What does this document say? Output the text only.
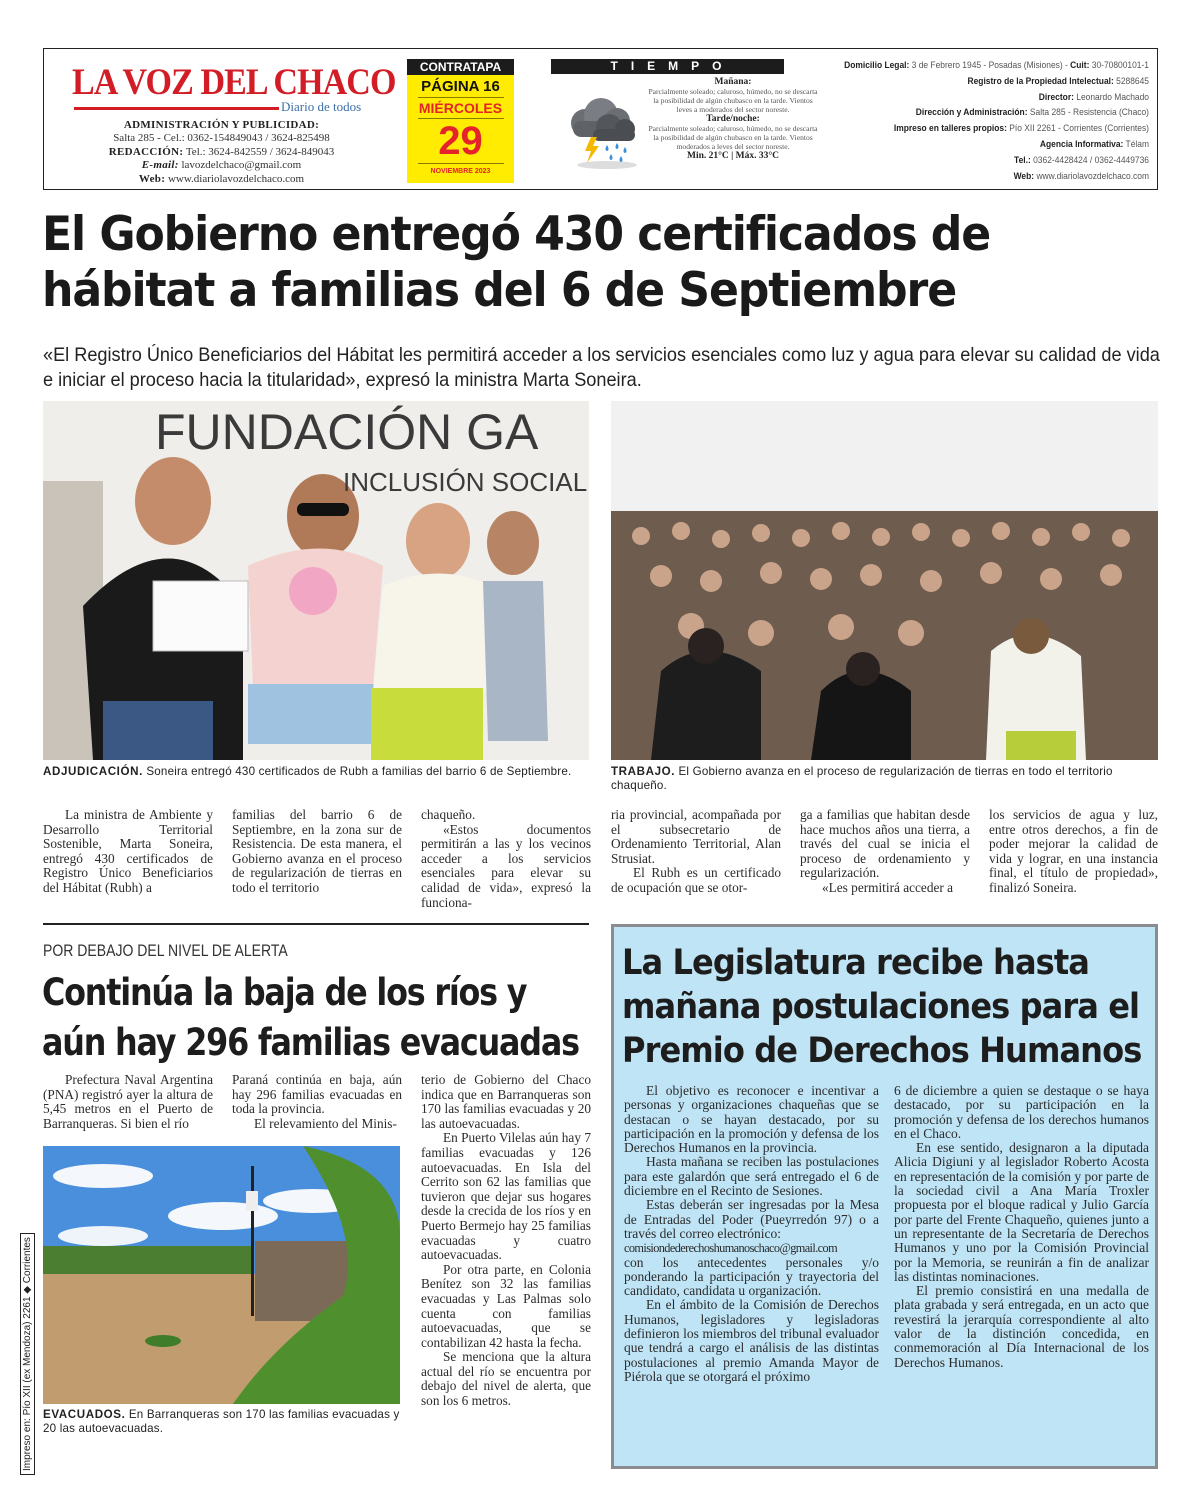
LA VOZ DEL CHACO
Diario de todos
ADMINISTRACIÓN Y PUBLICIDAD:
Salta 285 - Cel.: 0362-154849043 / 3624-825498
REDACCIÓN: Tel.: 3624-842559 / 3624-849043
E-mail: lavozdelchaco@gmail.com
Web: www.diariolavozdelchaco.com
CONTRATAPA
PÁGINA 16
MIÉRCOLES
29
NOVIEMBRE 2023
TIEMPO
Mañana:
Parcialmente soleado; caluroso, húmedo, no se descarta la posibilidad de algún chubasco en la tarde. Vientos leves a moderados del sector noreste.
Tarde/noche:
Parcialmente soleado; caluroso, húmedo, no se descarta la posibilidad de algún chubasco en la tarde. Vientos moderados a leves del sector noreste.
Min. 21°C | Máx. 33°C
Domicilio Legal: 3 de Febrero 1945 - Posadas (Misiones) - Cuit: 30-70800101-1
Registro de la Propiedad Intelectual: 5288645
Director: Leonardo Machado
Dirección y Administración: Salta 285 - Resistencia (Chaco)
Impreso en talleres propios: Pío XII 2261 - Corrientes (Corrientes)
Agencia Informativa: Télam
Tel.: 0362-4428424 / 0362-4449736
Web: www.diariolavozdelchaco.com
El Gobierno entregó 430 certificados de
hábitat a familias del 6 de Septiembre
«El Registro Único Beneficiarios del Hábitat les permitirá acceder a los servicios esenciales como luz y agua para elevar su calidad de vida e iniciar el proceso hacia la titularidad», expresó la ministra Marta Soneira.
FUNDACIÓN GA
INCLUSIÓN SOCIAL
ADJUDICACIÓN. Soneira entregó 430 certificados de Rubh a familias del barrio 6 de Septiembre.	TRABAJO. El Gobierno avanza en el proceso de regularización de tierras en todo el territorio chaqueño.

La ministra de Ambiente y Desarrollo Territorial Sostenible, Marta Soneira, entregó 430 certificados de Registro Único Beneficiarios del Hábitat (Rubh) a

familias del barrio 6 de Septiembre, en la zona sur de Resistencia. De esta manera, el Gobierno avanza en el proceso de regularización de tierras en todo el territorio

chaqueño.

«Estos documentos permitirán a las y los vecinos acceder a los servicios esenciales para elevar su calidad de vida», expresó la funciona-

ria provincial, acompañada por el subsecretario de Ordenamiento Territorial, Alan Strusiat.

El Rubh es un certificado de ocupación que se otor-

ga a familias que habitan desde hace muchos años una tierra, a través del cual se inicia el proceso de ordenamiento y regularización.

«Les permitirá acceder a

los servicios de agua y luz, entre otros derechos, a fin de poder mejorar la calidad de vida y lograr, en una instancia final, el título de propiedad», finalizó Soneira.

POR DEBAJO DEL NIVEL DE ALERTA
Continúa la baja de los ríos y
aún hay 296 familias evacuadas

Prefectura Naval Argentina (PNA) registró ayer la altura de 5,45 metros en el Puerto de Barranqueras. Si bien el río

Paraná continúa en baja, aún hay 296 familias evacuadas en toda la provincia.

El relevamiento del Minis-

terio de Gobierno del Chaco indica que en Barranqueras son 170 las familias evacuadas y 20 las autoevacuadas.

En Puerto Vilelas aún hay 7 familias evacuadas y 126 autoevacuadas. En Isla del Cerrito son 62 las familias que tuvieron que dejar sus hogares desde la crecida de los ríos y en Puerto Bermejo hay 25 familias evacuadas y cuatro autoevacuadas.

Por otra parte, en Colonia Benítez son 32 las familias evacuadas y Las Palmas solo cuenta con familias autoevacuadas, que se contabilizan 42 hasta la fecha.

Se menciona que la altura actual del río se encuentra por debajo del nivel de alerta, que son los 6 metros.

EVACUADOS. En Barranqueras son 170 las familias evacuadas y 20 las autoevacuadas.
La Legislatura recibe hasta
mañana postulaciones para el
Premio de Derechos Humanos

El objetivo es reconocer e incentivar a personas y organizaciones chaqueñas que se destacan o se hayan destacado, por su participación en la promoción y defensa de los Derechos Humanos en la provincia.

Hasta mañana se reciben las postulaciones para este galardón que será entregado el 6 de diciembre en el Recinto de Sesiones.

Estas deberán ser ingresadas por la Mesa de Entradas del Poder (Pueyrredón 97) o a través del correo electrónico:

comisiondederechoshumanoschaco@gmail.com

con los antecedentes personales y/o ponderando la participación y trayectoria del candidato, candidata u organización.

En el ámbito de la Comisión de Derechos Humanos, legisladores y legisladoras definieron los miembros del tribunal evaluador que tendrá a cargo el análisis de las distintas postulaciones al premio Amanda Mayor de Piérola que se otorgará el próximo

6 de diciembre a quien se destaque o se haya destacado, por su participación en la promoción y defensa de los derechos humanos en el Chaco.

En ese sentido, designaron a la diputada Alicia Digiuni y al legislador Roberto Acosta en representación de la comisión y por parte de la sociedad civil a Ana María Troxler propuesta por el bloque radical y Julio García por parte del Frente Chaqueño, quienes junto a un representante de la Secretaría de Derechos Humanos y uno por la Comisión Provincial por la Memoria, se reunirán a fin de analizar las distintas nominaciones.

El premio consistirá en una medalla de plata grabada y será entregada, en un acto que revestirá la jerarquía correspondiente al alto valor de la distinción concedida, en conmemoración al Día Internacional de los Derechos Humanos.

Impreso en: Pío XII (ex Mendoza) 2261 ◆ Corrientes
